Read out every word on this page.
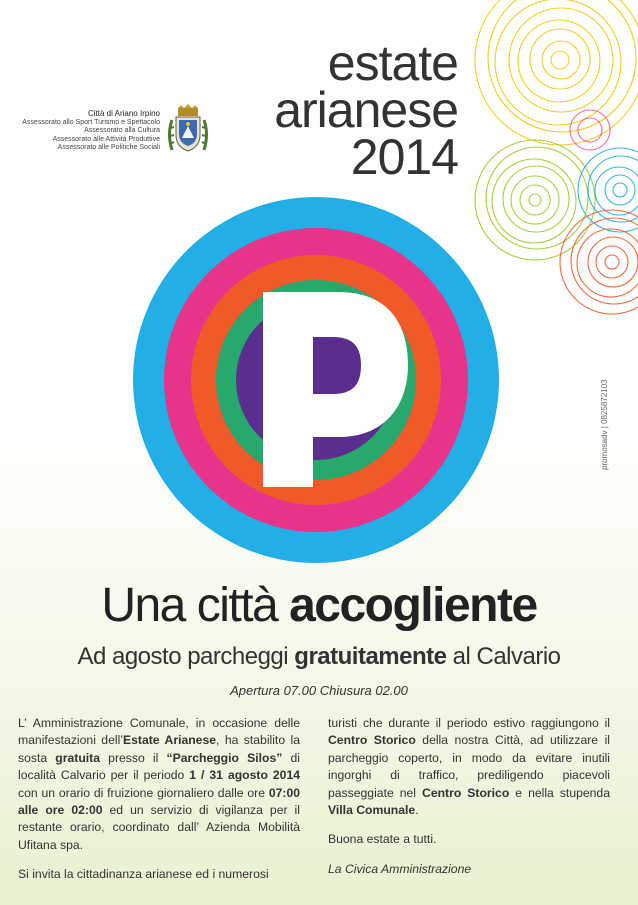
estate
arianese
2014
Città di Ariano Irpino
Assessorato allo Sport Turismo e Spettacolo
Assessorato alla Cultura
Assessorato alle Attività Produttive
Assessorato alle Politiche Sociali
promosadv | 0825872103
Una città accogliente
Ad agosto parcheggi gratuitamente al Calvario
Apertura 07.00 Chiusura 02.00

L’ Amministrazione Comunale, in occasione delle manifestazioni dell’Estate Arianese, ha stabilito la sosta gratuita presso il “Parcheggio Silos” di località Calvario per il periodo 1 / 31 agosto 2014 con un orario di fruizione giornaliero dalle ore 07:00 alle ore 02:00 ed un servizio di vigilanza per il restante orario, coordinato dall’ Azienda Mobilità Ufitana spa.

Si invita la cittadinanza arianese ed i numerosi

turisti che durante il periodo estivo raggiungono il Centro Storico della nostra Città, ad utilizzare il parcheggio coperto, in modo da evitare inutili ingorghi di traffico, prediligendo piacevoli passeggiate nel Centro Storico e nella stupenda Villa Comunale.

Buona estate a tutti.

La Civica Amministrazione
